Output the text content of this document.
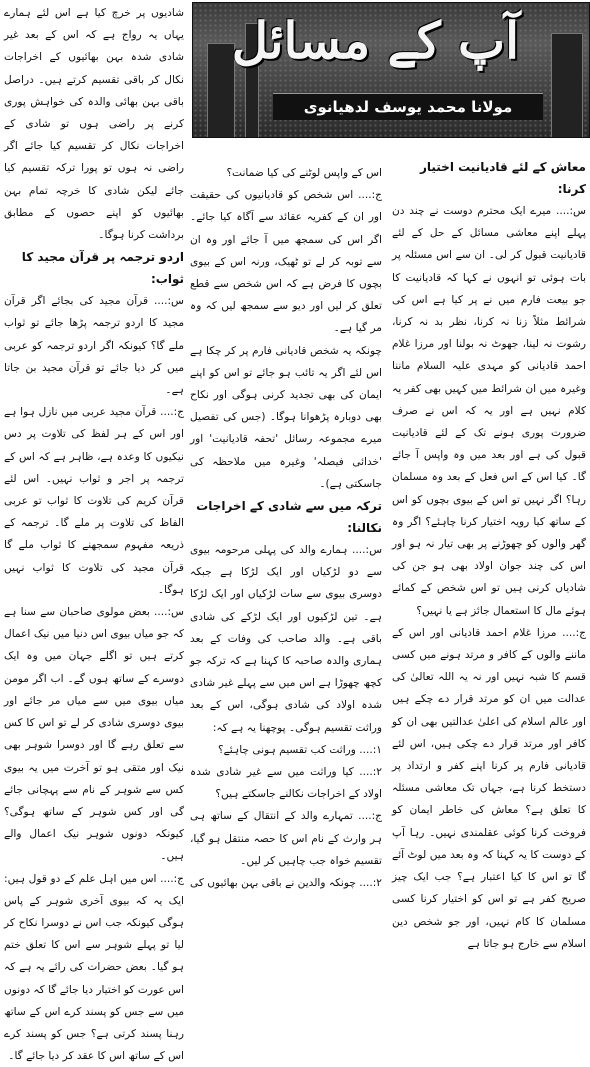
آپ کے مسائل
مولانا محمد یوسف لدھیانوی

شادیوں پر خرچ کیا ہے اس لئے ہمارے یہاں یہ رواج ہے کہ اس کے بعد غیر شادی شدہ بہن بھائیوں کے اخراجات نکال کر باقی تقسیم کرتے ہیں۔ دراصل باقی بہن بھائی والدہ کی خواہش پوری کرنے پر راضی ہوں تو شادی کے اخراجات نکال کر تقسیم کیا جائے اگر راضی نہ ہوں تو پورا ترکہ تقسیم کیا جائے لیکن شادی کا خرچہ تمام بہن بھائیوں کو اپنے حصوں کے مطابق برداشت کرنا ہوگا۔

اردو ترجمہ پر قرآن مجید کا ثواب:

س:.... قرآن مجید کی بجائے اگر قرآن مجید کا اردو ترجمہ پڑھا جائے تو ثواب ملے گا؟ کیونکہ اگر اردو ترجمہ کو عربی میں کر دیا جائے تو قرآن مجید بن جاتا ہے۔

ج:.... قرآن مجید عربی میں نازل ہوا ہے اور اس کے ہر لفظ کی تلاوت پر دس نیکیوں کا وعدہ ہے، ظاہر ہے کہ اس کے ترجمہ پر اجر و ثواب نہیں۔ اس لئے قرآن کریم کی تلاوت کا ثواب تو عربی الفاظ کی تلاوت پر ملے گا۔ ترجمہ کے ذریعہ مفہوم سمجھنے کا ثواب ملے گا قرآن مجید کی تلاوت کا ثواب نہیں ہوگا۔

س:.... بعض مولوی صاحبان سے سنا ہے کہ جو میاں بیوی اس دنیا میں نیک اعمال کرتے ہیں تو اگلے جہان میں وہ ایک دوسرے کے ساتھ ہوں گے۔ اب اگر مومن میاں بیوی میں سے میاں مر جائے اور بیوی دوسری شادی کر لے تو اس کا کس سے تعلق رہے گا اور دوسرا شوہر بھی نیک اور متقی ہو تو آخرت میں یہ بیوی کس سے شوہر کے نام سے پہچانی جائے گی اور کس شوہر کے ساتھ ہوگی؟ کیونکہ دونوں شوہر نیک اعمال والے ہیں۔

ج:.... اس میں اہل علم کے دو قول ہیں: ایک یہ کہ بیوی آخری شوہر کے پاس ہوگی کیونکہ جب اس نے دوسرا نکاح کر لیا تو پہلے شوہر سے اس کا تعلق ختم ہو گیا۔ بعض حضرات کی رائے یہ ہے کہ اس عورت کو اختیار دیا جائے گا کہ دونوں میں سے جس کو پسند کرے اس کے ساتھ رہنا پسند کرتی ہے؟ جس کو پسند کرے اس کے ساتھ اس کا عقد کر دیا جائے گا۔

اس کے واپس لوٹنے کی کیا ضمانت؟

ج:.... اس شخص کو قادیانیوں کی حقیقت اور ان کے کفریہ عقائد سے آگاہ کیا جائے۔ اگر اس کی سمجھ میں آ جائے اور وہ ان سے توبہ کر لے تو ٹھیک، ورنہ اس کے بیوی بچوں کا فرض ہے کہ اس شخص سے قطع تعلق کر لیں اور دیو سے سمجھ لیں کہ وہ مر گیا ہے۔

چونکہ یہ شخص قادیانی فارم پر کر چکا ہے اس لئے اگر یہ تائب ہو جائے تو اس کو اپنے ایمان کی بھی تجدید کرنی ہوگی اور نکاح بھی دوبارہ پڑھوانا ہوگا۔ (جس کی تفصیل میرے مجموعہ رسائل 'تحفہ قادیانیت' اور 'خدائی فیصلہ' وغیرہ میں ملاحظہ کی جاسکتی ہے)۔

ترکہ میں سے شادی کے اخراجات نکالنا:

س:.... ہمارے والد کی پہلی مرحومہ بیوی سے دو لڑکیاں اور ایک لڑکا ہے جبکہ دوسری بیوی سے سات لڑکیاں اور ایک لڑکا ہے۔ تین لڑکیوں اور ایک لڑکے کی شادی باقی ہے۔ والد صاحب کی وفات کے بعد ہماری والدہ صاحبہ کا کہنا ہے کہ ترکہ جو کچھ چھوڑا ہے اس میں سے پہلے غیر شادی شدہ اولاد کی شادی ہوگی، اس کے بعد وراثت تقسیم ہوگی۔ پوچھنا یہ ہے کہ:

۱:.... وراثت کب تقسیم ہونی چاہئے؟

۲:.... کیا وراثت میں سے غیر شادی شدہ اولاد کے اخراجات نکالنے جاسکتے ہیں؟

ج:.... تمہارے والد کے انتقال کے ساتھ ہی ہر وارث کے نام اس کا حصہ منتقل ہو گیا، تقسیم خواہ جب چاہیں کر لیں۔

۲:.... چونکہ والدین نے باقی بہن بھائیوں کی

معاش کے لئے قادیانیت اختیار کرنا:

س:.... میرے ایک محترم دوست نے چند دن پہلے اپنے معاشی مسائل کے حل کے لئے قادیانیت قبول کر لی۔ ان سے اس مسئلہ پر بات ہوئی تو انہوں نے کہا کہ قادیانیت کا جو بیعت فارم میں نے پر کیا ہے اس کی شرائط مثلاً زنا نہ کرنا، نظر بد نہ کرنا، رشوت نہ لینا، جھوٹ نہ بولنا اور مرزا غلام احمد قادیانی کو مہدی علیہ السلام ماننا وغیرہ میں ان شرائط میں کہیں بھی کفر یہ کلام نہیں ہے اور یہ کہ اس نے صرف ضرورت پوری ہونے تک کے لئے قادیانیت قبول کی ہے اور بعد میں وہ واپس آ جائے گا۔ کیا اس کے اس فعل کے بعد وہ مسلمان رہا؟ اگر نہیں تو اس کے بیوی بچوں کو اس کے ساتھ کیا رویہ اختیار کرنا چاہئے؟ اگر وہ گھر والوں کو چھوڑنے پر بھی تیار نہ ہو اور اس کی چند جوان اولاد بھی ہو جن کی شادیاں کرنی ہیں تو اس شخص کے کمائے ہوئے مال کا استعمال جائز ہے یا نہیں؟

ج:.... مرزا غلام احمد قادیانی اور اس کے ماننے والوں کے کافر و مرتد ہونے میں کسی قسم کا شبہ نہیں اور نہ یہ اللہ تعالیٰ کی عدالت میں ان کو مرتد قرار دے چکے ہیں اور عالم اسلام کی اعلیٰ عدالتیں بھی ان کو کافر اور مرتد قرار دے چکی ہیں، اس لئے قادیانی فارم پر کرنا اپنے کفر و ارتداد پر دستخط کرنا ہے، جہاں تک معاشی مسئلہ کا تعلق ہے؟ معاش کی خاطر ایمان کو فروخت کرنا کوئی عقلمندی نہیں۔ رہا آپ کے دوست کا یہ کہنا کہ وہ بعد میں لوٹ آئے گا تو اس کا کیا اعتبار ہے؟ جب ایک چیز صریح کفر ہے تو اس کو اختیار کرنا کسی مسلمان کا کام نہیں، اور جو شخص دین اسلام سے خارج ہو جاتا ہے
